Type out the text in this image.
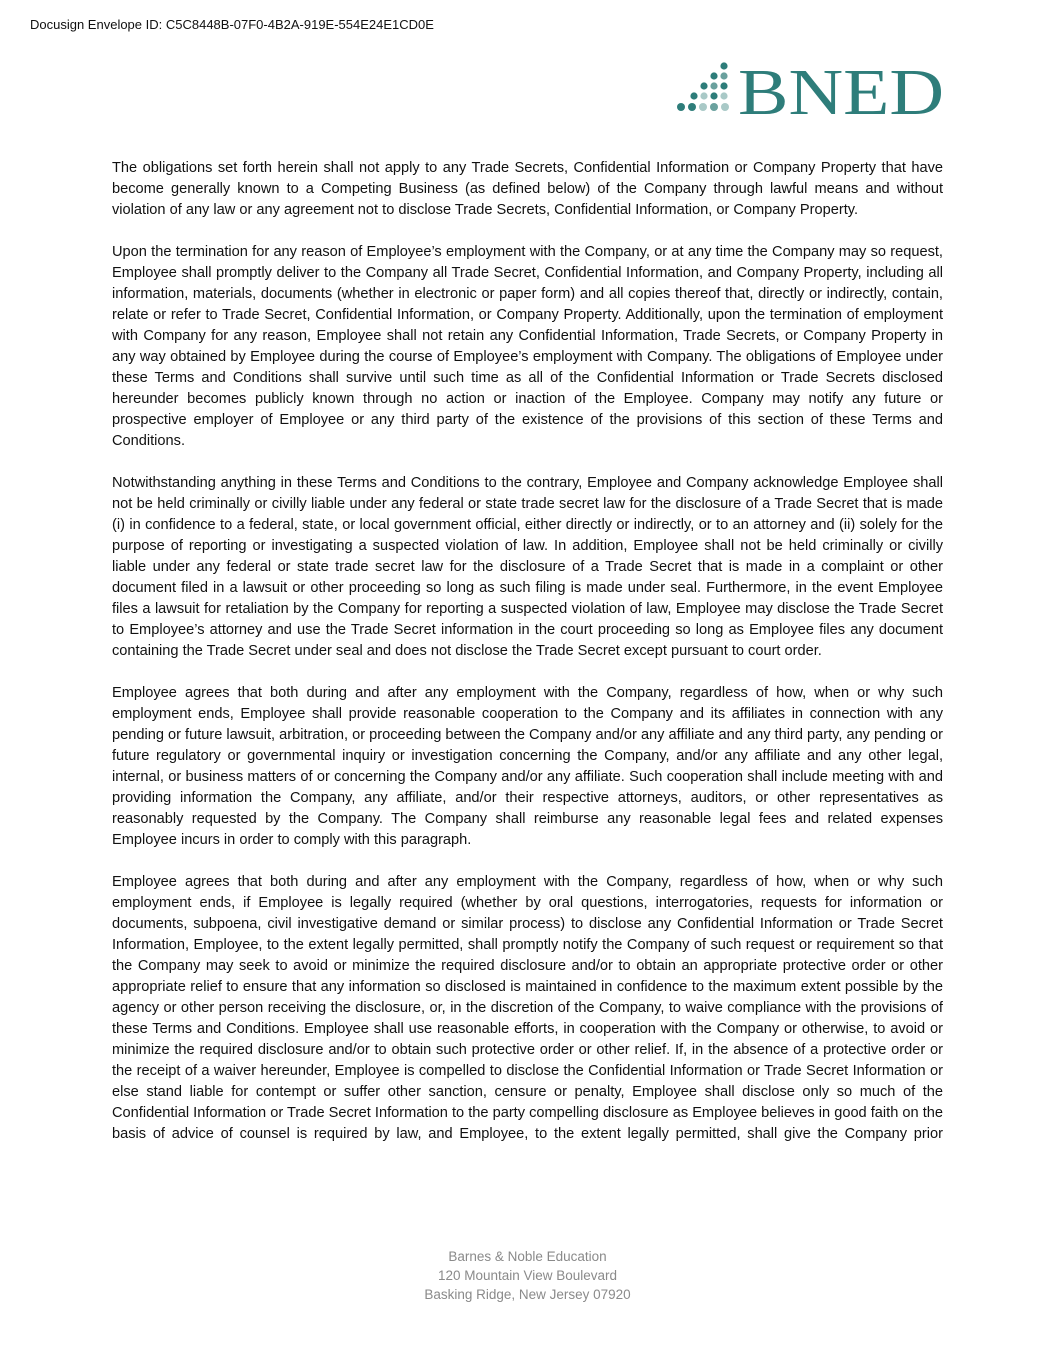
Docusign Envelope ID: C5C8448B-07F0-4B2A-919E-554E24E1CD0E
BNED

The obligations set forth herein shall not apply to any Trade Secrets, Confidential Information or Company Property that have become generally known to a Competing Business (as defined below) of the Company through lawful means and without violation of any law or any agreement not to disclose Trade Secrets, Confidential Information, or Company Property.

Upon the termination for any reason of Employee’s employment with the Company, or at any time the Company may so request, Employee shall promptly deliver to the Company all Trade Secret, Confidential Information, and Company Property, including all information, materials, documents (whether in electronic or paper form) and all copies thereof that, directly or indirectly, contain, relate or refer to Trade Secret, Confidential Information, or Company Property. Additionally, upon the termination of employment with Company for any reason, Employee shall not retain any Confidential Information, Trade Secrets, or Company Property in any way obtained by Employee during the course of Employee’s employment with Company. The obligations of Employee under these Terms and Conditions shall survive until such time as all of the Confidential Information or Trade Secrets disclosed hereunder becomes publicly known through no action or inaction of the Employee. Company may notify any future or prospective employer of Employee or any third party of the existence of the provisions of this section of these Terms and Conditions.

Notwithstanding anything in these Terms and Conditions to the contrary, Employee and Company acknowledge Employee shall not be held criminally or civilly liable under any federal or state trade secret law for the disclosure of a Trade Secret that is made (i) in confidence to a federal, state, or local government official, either directly or indirectly, or to an attorney and (ii) solely for the purpose of reporting or investigating a suspected violation of law. In addition, Employee shall not be held criminally or civilly liable under any federal or state trade secret law for the disclosure of a Trade Secret that is made in a complaint or other document filed in a lawsuit or other proceeding so long as such filing is made under seal. Furthermore, in the event Employee files a lawsuit for retaliation by the Company for reporting a suspected violation of law, Employee may disclose the Trade Secret to Employee’s attorney and use the Trade Secret information in the court proceeding so long as Employee files any document containing the Trade Secret under seal and does not disclose the Trade Secret except pursuant to court order.

Employee agrees that both during and after any employment with the Company, regardless of how, when or why such employment ends, Employee shall provide reasonable cooperation to the Company and its affiliates in connection with any pending or future lawsuit, arbitration, or proceeding between the Company and/or any affiliate and any third party, any pending or future regulatory or governmental inquiry or investigation concerning the Company, and/or any affiliate and any other legal, internal, or business matters of or concerning the Company and/or any affiliate. Such cooperation shall include meeting with and providing information the Company, any affiliate, and/or their respective attorneys, auditors, or other representatives as reasonably requested by the Company. The Company shall reimburse any reasonable legal fees and related expenses Employee incurs in order to comply with this paragraph.

Employee agrees that both during and after any employment with the Company, regardless of how, when or why such employment ends, if Employee is legally required (whether by oral questions, interrogatories, requests for information or documents, subpoena, civil investigative demand or similar process) to disclose any Confidential Information or Trade Secret Information, Employee, to the extent legally permitted, shall promptly notify the Company of such request or requirement so that the Company may seek to avoid or minimize the required disclosure and/or to obtain an appropriate protective order or other appropriate relief to ensure that any information so disclosed is maintained in confidence to the maximum extent possible by the agency or other person receiving the disclosure, or, in the discretion of the Company, to waive compliance with the provisions of these Terms and Conditions. Employee shall use reasonable efforts, in cooperation with the Company or otherwise, to avoid or minimize the required disclosure and/or to obtain such protective order or other relief. If, in the absence of a protective order or the receipt of a waiver hereunder, Employee is compelled to disclose the Confidential Information or Trade Secret Information or else stand liable for contempt or suffer other sanction, censure or penalty, Employee shall disclose only so much of the Confidential Information or Trade Secret Information to the party compelling disclosure as Employee believes in good faith on the basis of advice of counsel is required by law, and Employee, to the extent legally permitted, shall give the Company prior

Barnes & Noble Education
120 Mountain View Boulevard
Basking Ridge, New Jersey 07920
